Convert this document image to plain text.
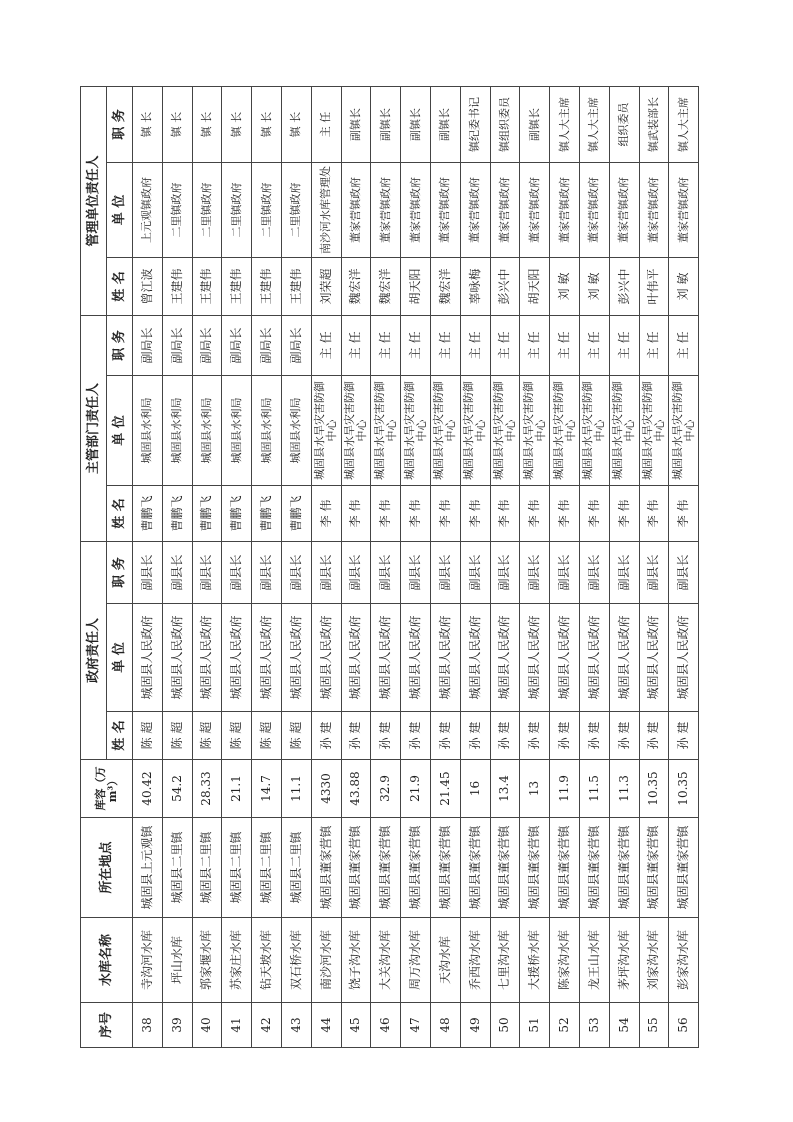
序号	水库名称	所在地点	库容（万m³）	政府责任人			主管部门责任人			管理单位责任人		
				姓 名	单 位	职 务	姓 名	单 位	职 务	姓 名	单 位	职 务
38	寺沟河水库	城固县上元观镇	40.42	陈 超	城固县人民政府	副县长	曹鹏飞	城固县水利局	副局长	曾江波	上元观镇政府	镇 长
39	坪山水库	城固县二里镇	54.2	陈 超	城固县人民政府	副县长	曹鹏飞	城固县水利局	副局长	王建伟	二里镇政府	镇 长
40	郭家堰水库	城固县二里镇	28.33	陈 超	城固县人民政府	副县长	曹鹏飞	城固县水利局	副局长	王建伟	二里镇政府	镇 长
41	苏家庄水库	城固县二里镇	21.1	陈 超	城固县人民政府	副县长	曹鹏飞	城固县水利局	副局长	王建伟	二里镇政府	镇 长
42	钻天坡水库	城固县二里镇	14.7	陈 超	城固县人民政府	副县长	曹鹏飞	城固县水利局	副局长	王建伟	二里镇政府	镇 长
43	双石桥水库	城固县二里镇	11.1	陈 超	城固县人民政府	副县长	曹鹏飞	城固县水利局	副局长	王建伟	二里镇政府	镇 长
44	南沙河水库	城固县董家营镇	4330	孙 建	城固县人民政府	副县长	李 伟	城固县水旱灾害防御中心	主 任	刘荣超	南沙河水库管理处	主 任
45	饶子沟水库	城固县董家营镇	43.88	孙 建	城固县人民政府	副县长	李 伟	城固县水旱灾害防御中心	主 任	魏宏洋	董家营镇政府	副镇长
46	大关沟水库	城固县董家营镇	32.9	孙 建	城固县人民政府	副县长	李 伟	城固县水旱灾害防御中心	主 任	魏宏洋	董家营镇政府	副镇长
47	周万沟水库	城固县董家营镇	21.9	孙 建	城固县人民政府	副县长	李 伟	城固县水旱灾害防御中心	主 任	胡天阳	董家营镇政府	副镇长
48	天沟水库	城固县董家营镇	21.45	孙 建	城固县人民政府	副县长	李 伟	城固县水旱灾害防御中心	主 任	魏宏洋	董家营镇政府	副镇长
49	乔西沟水库	城固县董家营镇	16	孙 建	城固县人民政府	副县长	李 伟	城固县水旱灾害防御中心	主 任	辜咏梅	董家营镇政府	镇纪委书记
50	七里沟水库	城固县董家营镇	13.4	孙 建	城固县人民政府	副县长	李 伟	城固县水旱灾害防御中心	主 任	彭兴中	董家营镇政府	镇组织委员
51	大援桥水库	城固县董家营镇	13	孙 建	城固县人民政府	副县长	李 伟	城固县水旱灾害防御中心	主 任	胡天阳	董家营镇政府	副镇长
52	陈家沟水库	城固县董家营镇	11.9	孙 建	城固县人民政府	副县长	李 伟	城固县水旱灾害防御中心	主 任	刘 敏	董家营镇政府	镇人大主席
53	龙王山水库	城固县董家营镇	11.5	孙 建	城固县人民政府	副县长	李 伟	城固县水旱灾害防御中心	主 任	刘 敏	董家营镇政府	镇人大主席
54	茅坪沟水库	城固县董家营镇	11.3	孙 建	城固县人民政府	副县长	李 伟	城固县水旱灾害防御中心	主 任	彭兴中	董家营镇政府	组织委员
55	刘家沟水库	城固县董家营镇	10.35	孙 建	城固县人民政府	副县长	李 伟	城固县水旱灾害防御中心	主 任	叶伟平	董家营镇政府	镇武装部长
56	彭家沟水库	城固县董家营镇	10.35	孙 建	城固县人民政府	副县长	李 伟	城固县水旱灾害防御中心	主 任	刘 敏	董家营镇政府	镇人大主席
